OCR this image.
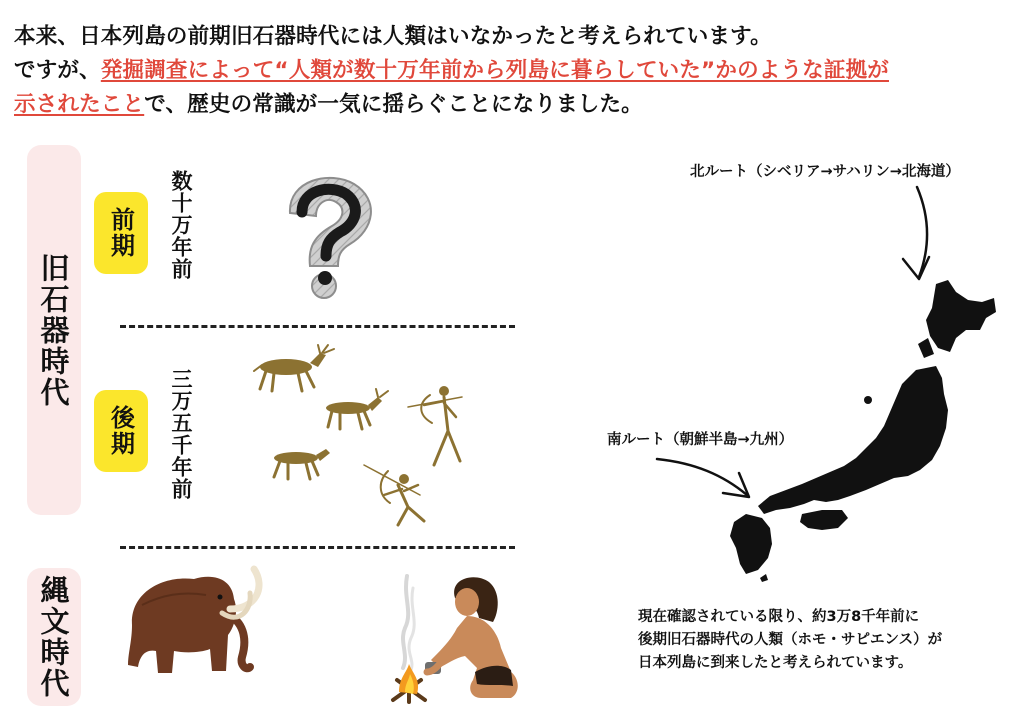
本来、日本列島の前期旧石器時代には人類はいなかったと考えられています。
ですが、発掘調査によって“人類が数十万年前から列島に暮らしていた”かのような証拠が
示されたことで、歴史の常識が一気に揺らぐことになりました。
旧石器時代
縄文時代
前期
後期
数十万年前
三万五千年前
北ルート（シベリア→サハリン→北海道）
南ルート（朝鮮半島→九州）
現在確認されている限り、約3万8千年前に
後期旧石器時代の人類（ホモ・サピエンス）が
日本列島に到来したと考えられています。
